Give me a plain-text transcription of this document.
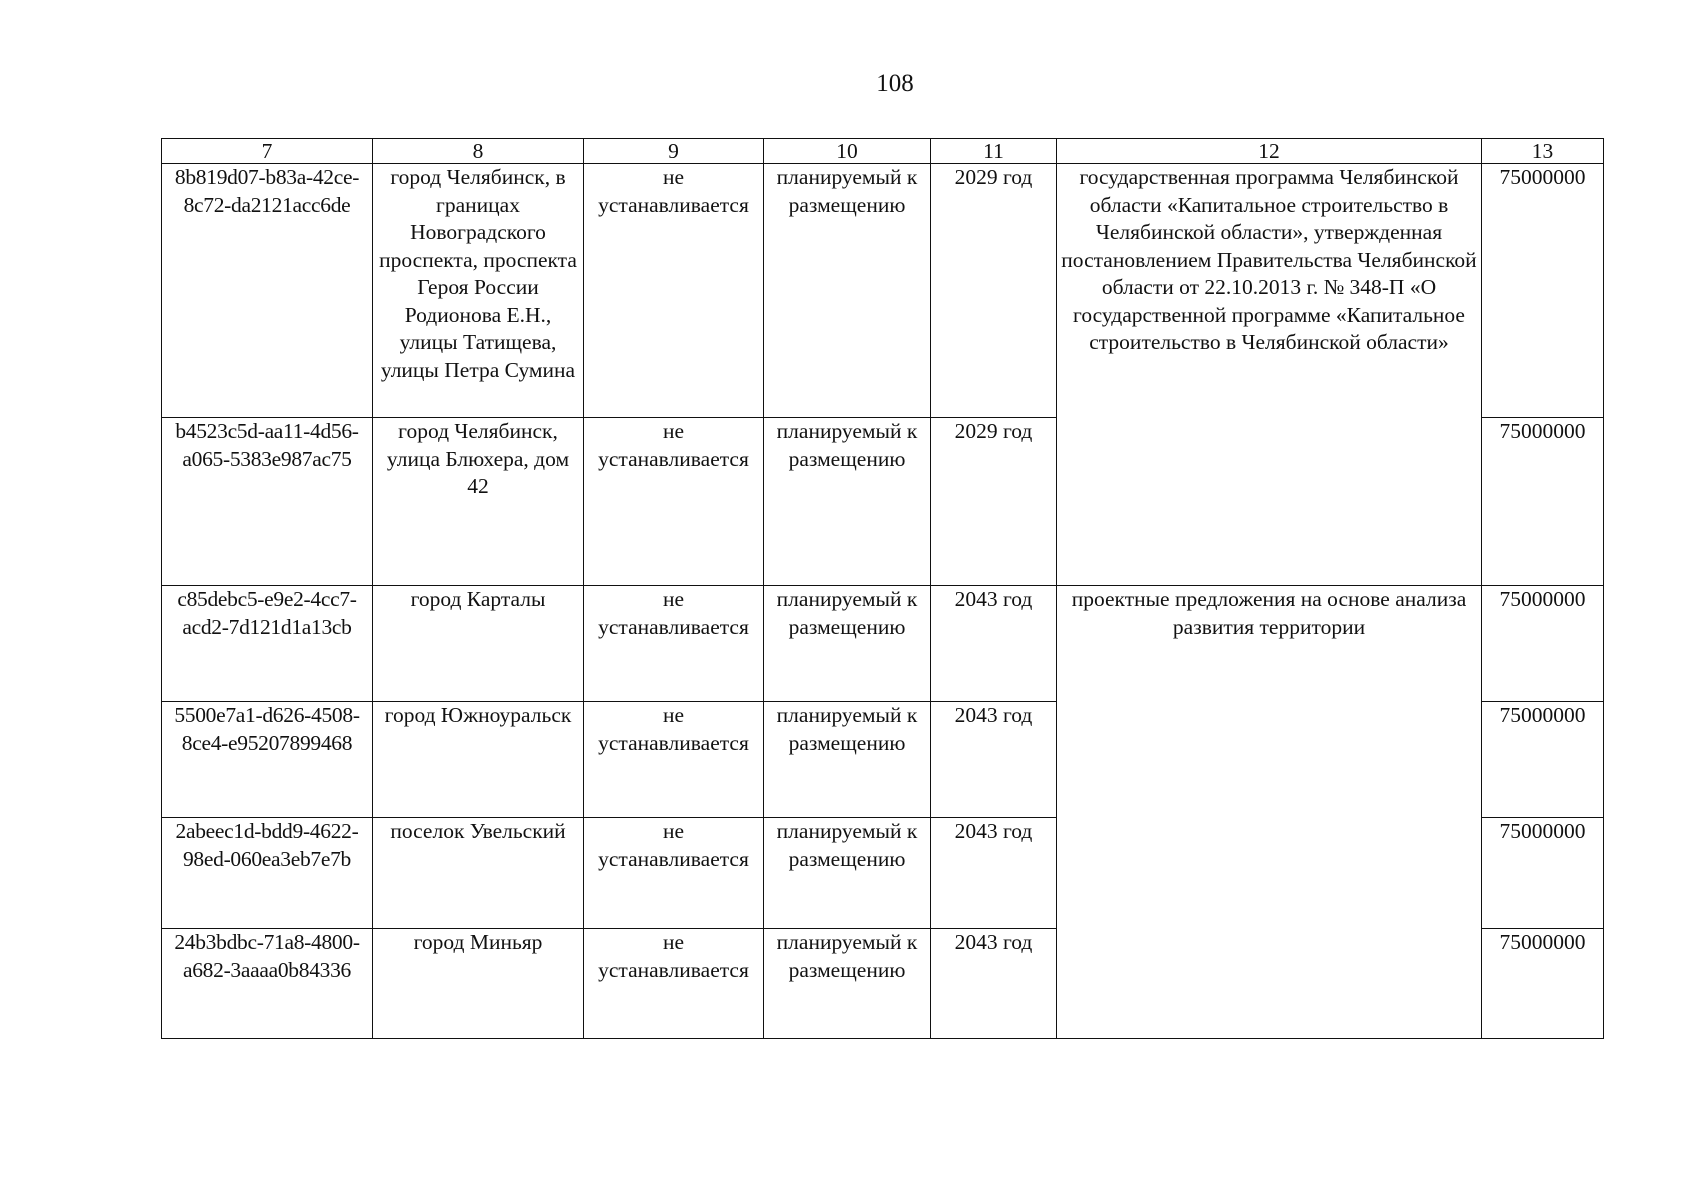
108
7	8	9	10	11	12	13
8b819d07-b83a-42ce-8c72-da2121acc6de	город Челябинск, в границах Новоградского проспекта, проспекта Героя России Родионова Е.Н., улицы Татищева, улицы Петра Сумина	не устанавливается	планируемый к размещению	2029 год	государственная программа Челябинской области «Капитальное строительство в Челябинской области», утвержденная постановлением Правительства Челябинской области от 22.10.2013 г. № 348-П «О государственной программе «Капитальное строительство в Челябинской области»	75000000
b4523c5d-aa11-4d56-a065-5383e987ac75	город Челябинск, улица Блюхера, дом 42	не устанавливается	планируемый к размещению	2029 год		75000000
c85debc5-e9e2-4cc7-acd2-7d121d1a13cb	город Карталы	не устанавливается	планируемый к размещению	2043 год	проектные предложения на основе анализа развития территории	75000000
5500e7a1-d626-4508-8ce4-e95207899468	город Южноуральск	не устанавливается	планируемый к размещению	2043 год		75000000
2abeec1d-bdd9-4622-98ed-060ea3eb7e7b	поселок Увельский	не устанавливается	планируемый к размещению	2043 год		75000000
24b3bdbc-71a8-4800-a682-3aaaa0b84336	город Миньяр	не устанавливается	планируемый к размещению	2043 год		75000000
